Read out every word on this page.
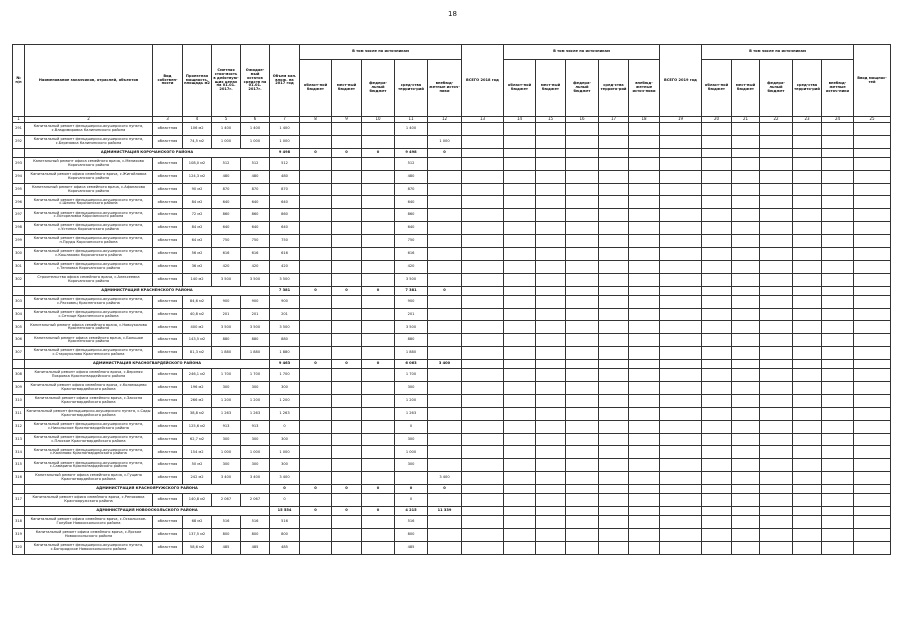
18
№ п/п	Наименование заказчиков, отраслей, объектов	Вид собствен-ности	Проектная мощность, площадь м2	Сметная стои-мость в действую-щих ценах на 01.01. 2017г.	Ожидае-мый остаток средств на 01.01. 2017г.	Объем кап. влож. на 2017 год	В том числе по источникам					ВСЕГО 2018 год	В том числе по источникам					ВСЕГО 2019 год	В том числе по источникам					Ввод мощнос-тей
							област-ной бюджет	мест-ный бюджет	федера-льный бюджет	сред-ства террито-рий	внебюд-жетные источ-ники		област-ной бюджет	мест-ный бюджет	федера-льный бюджет	сред-ства террито-рий	внебюд-жетные источ-ники		област-ной бюджет	мест-ный бюджет	федера-льный бюджет	сред-ства террито-рий	внебюд-жетные источ-ники	
1	2	3	4	5	6	7	8	9	10	11	12	13	14	15	16	17	18	19	20	21	22	23	24	25
291	Капитальный ремонт фельдшерско-акушерского пункта, с.Владимировка Калининского района	областная	106 м2	1 400	1 400	1 400				1 400														
292	Капитальный ремонт фельдшерско-акушерского пункта, с.Березовка Калининского района	областная	74,5 м2	1 000	1 000	1 000					1 000													
	АДМИНИСТРАЦИЯ КОРОЧАНСКОГО РАЙОНА					9 498	0	0	0	9 498	0													
293	Капитальный ремонт офиса семейного врача, с.Мелихово Корочанского района	областная	108,0 м2	512	512	512				512														
294	Капитальный ремонт офиса семейного врача, с.Жигайловка Корочанского района	областная	124,3 м2	480	480	480				480														
295	Капитальный ремонт офиса семейного врача, с.Афанасово Корочанского района	областная	90 м2	870	870	870				870														
296	Капитальный ремонт фельдшерско-акушерского пункта, с.Шеино Корочанского района	областная	84 м2	640	640	640				640														
297	Капитальный ремонт фельдшерско-акушерского пункта, с.Погореловка Корочанского района	областная	72 м2	860	860	860				860														
298	Капитальный ремонт фельдшерско-акушерского пункта, с.Устинка Корочанского района	областная	84 м2	640	640	640				640														
299	Капитальный ремонт фельдшерско-акушерского пункта, п.Пруды Корочанского района	областная	64 м2	750	750	750				750														
300	Капитальный ремонт фельдшерско-акушерского пункта, с.Кошлаково Корочанского района	областная	56 м2	616	616	616				616														
301	Капитальный ремонт фельдшерско-акушерского пункта, с.Тепловка Корочанского района	областная	36 м2	420	420	420				420														
302	Строительство офиса семейного врача, с.Алексеевка Корочанского района	областная	140 м2	3 500	3 500	3 500				3 500														
	АДМИНИСТРАЦИЯ КРАСНЕНСКОГО РАЙОНА					7 381	0	0	0	7 381	0													
303	Капитальный ремонт фельдшерско-акушерского пункта, с.Расховец Красненского района	областная	84,6 м2	900	900	900				900														
304	Капитальный ремонт фельдшерско-акушерского пункта, с.Сетище Красненского района	областная	40,8 м2	201	201	201				201														
305	Капитальный ремонт офиса семейного врача, с.Новоуколово Красненского района	областная	400 м2	3 500	3 500	3 500				3 500														
306	Капитальный ремонт офиса семейного врача, с.Большое Красненского района	областная	143,5 м2	880	880	880				880														
307	Капитальный ремонт фельдшерско-акушерского пункта, с.Староуколово Красненского района	областная	81,3 м2	1 880	1 880	1 880				1 880														
	АДМИНИСТРАЦИЯ КРАСНОГВАРДЕЙСКОГО РАЙОНА					9 463	0	0	0	6 063	3 400													
308	Капитальный ремонт офиса семейного врача, с.Верхняя Покровка Красногвардейского района	областная	246,1 м2	1 700	1 700	1 700				1 700														
309	Капитальный ремонт офиса семейного врача, с.Коломыцево Красногвардейского района	областная	196 м2	300	300	300				300														
310	Капитальный ремонт офиса семейного врача, с.Засосна Красногвардейского района	областная	266 м2	1 200	1 200	1 200				1 200														
311	Капитальный ремонт фельдшерско-акушерского пункта, с.Сады Красногвардейского района	областная	38,8 м2	1 263	1 263	1 263				1 263														
312	Капитальный ремонт фельдшерско-акушерского пункта, с.Никольское Красногвардейского района	областная	125,6 м2	913	913	0				0														
313	Капитальный ремонт фельдшерско-акушерского пункта, с.Плоское Красногвардейского района	областная	62,7 м2	300	300	300				300														
314	Капитальный ремонт фельдшерско-акушерского пункта, с.Калиново Красногвардейского района	областная	154 м2	1 000	1 000	1 000				1 000														
315	Капитальный ремонт фельдшерско-акушерского пункта, с.Самарино Красногвардейского района	областная	50 м2	300	300	300				300														
316	Капитальный ремонт офиса семейного врача, с.Гущино Красногвардейского района	областная	242 м2	3 400	3 400	3 400					3 400													
	АДМИНИСТРАЦИЯ КРАСНОЯРУЖСКОГО РАЙОНА					0	0	0	0	0	0													
317	Капитальный ремонт офиса семейного врача, с.Репяховка Краснояружского района	областная	140,8 м2	2 067	2 067	0				0														
	АДМИНИСТРАЦИЯ НОВООСКОЛЬСКОГО РАЙОНА					15 554	0	0	0	4 215	11 339													
318	Капитальный ремонт офиса семейного врача, с.Оскольское-Голубое Новооскольского района	областная	68 м2	516	516	516				516														
319	Капитальный ремонт офиса семейного врача, с.Ярское Новооскольского района	областная	137,5 м2	800	800	800				800														
320	Капитальный ремонт фельдшерско-акушерского пункта, с.Богородское Новооскольского района	областная	58,6 м2	485	485	485				485														
